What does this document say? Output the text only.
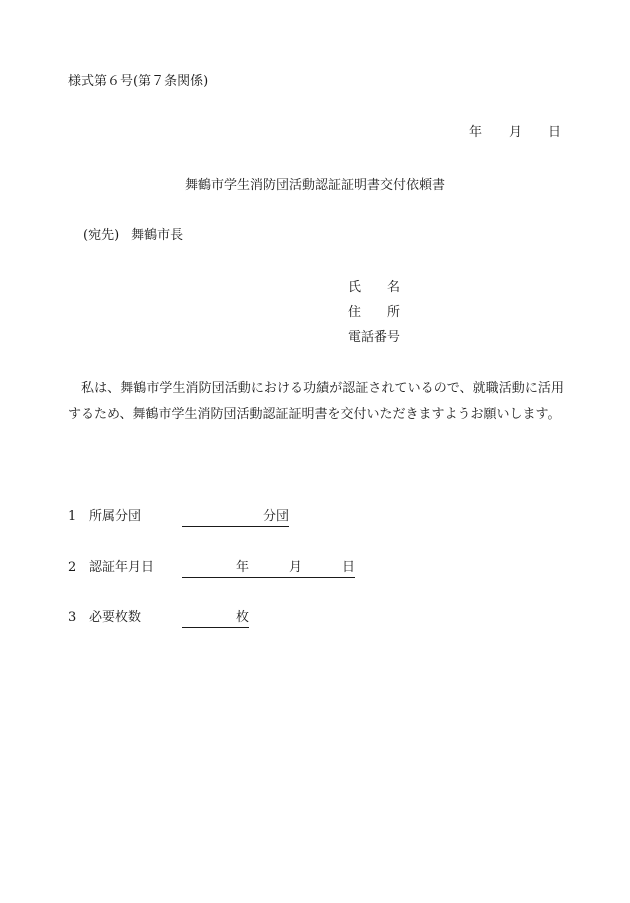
様式第６号(第７条関係)
年 月 日
舞鶴市学生消防団活動認証証明書交付依頼書
(宛先) 舞鶴市長
氏 名
住 所
電話番号
私は、舞鶴市学生消防団活動における功績が認証されているので、就職活動に活用するため、舞鶴市学生消防団活動認証証明書を交付いただきますようお願いします。
1 所属分団	分団
2 認証年月日	年	月	日
3 必要枚数	枚
